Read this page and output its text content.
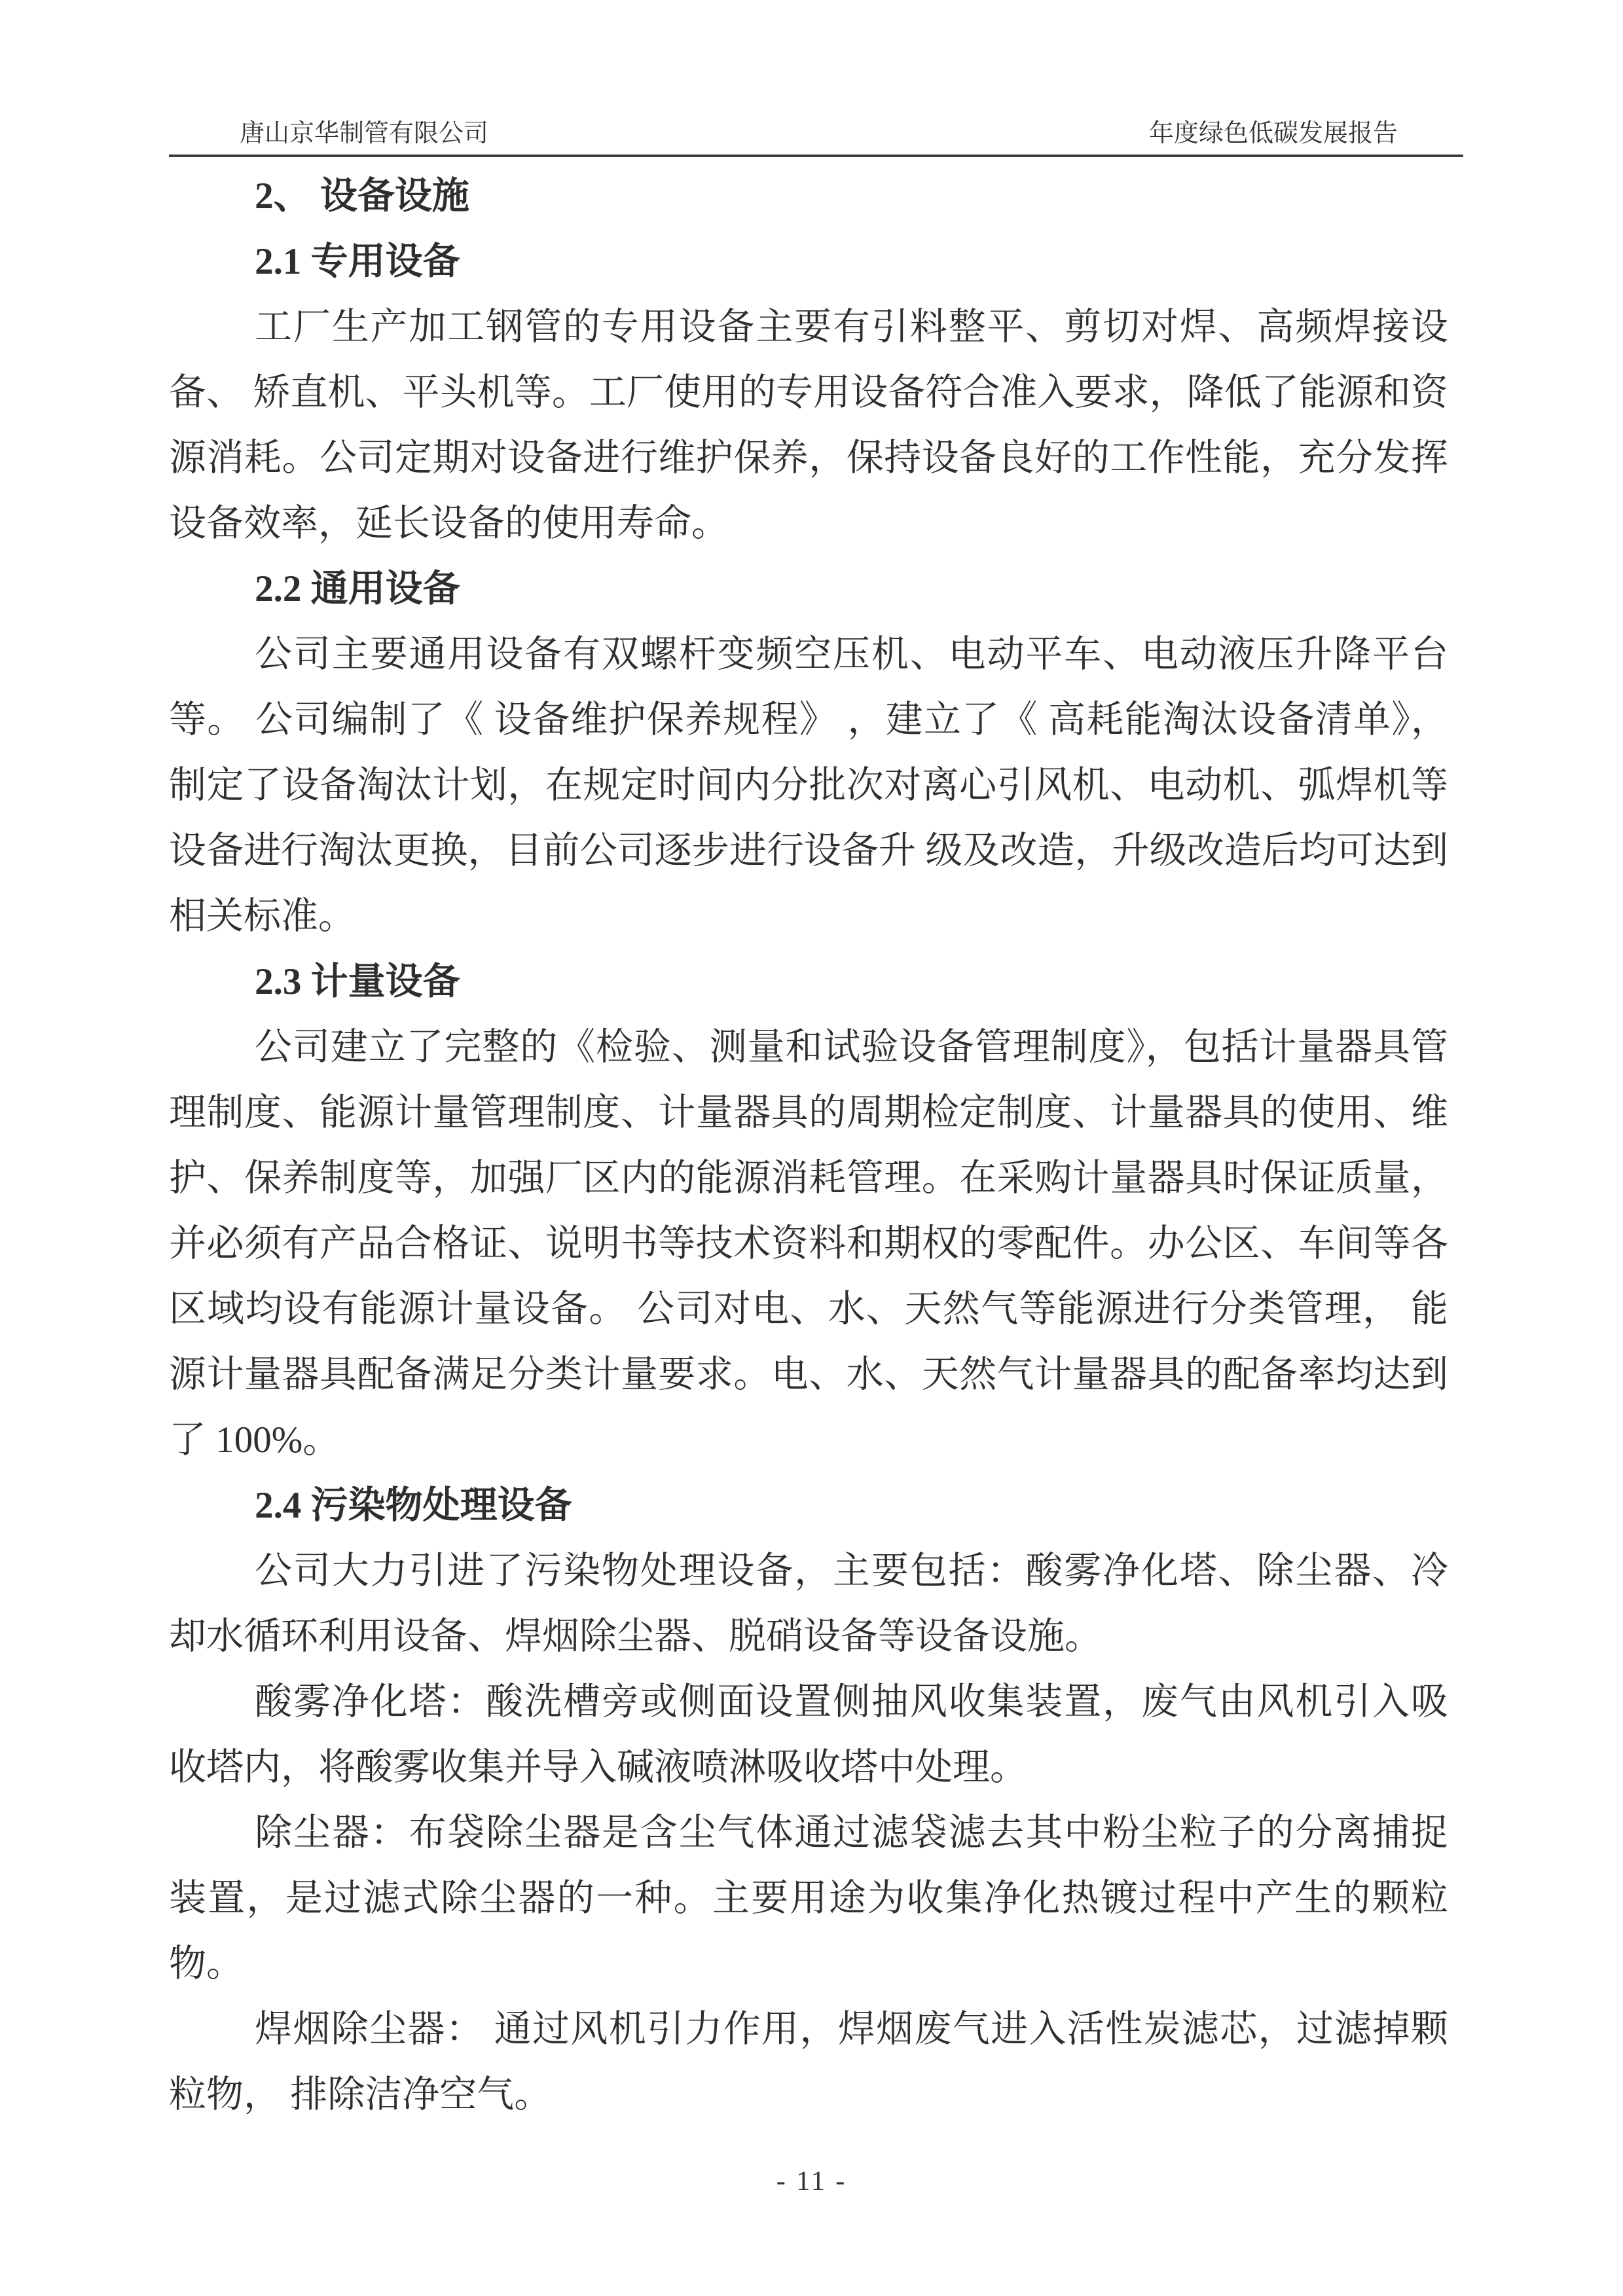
唐山京华制管有限公司	年度绿色低碳发展报告

2、 设备设施

2.1 专用设备

工厂生产加工钢管的专用设备主要有引料整平、剪切对焊、高频焊接设备、 矫直机、平头机等。工厂使用的专用设备符合准入要求，降低了能源和资源消耗。公司定期对设备进行维护保养，保持设备良好的工作性能，充分发挥设备效率，延长设备的使用寿命。

2.2 通用设备

公司主要通用设备有双螺杆变频空压机、电动平车、电动液压升降平台等。 公司编制了《 设备维护保养规程》 ，建立了《 高耗能淘汰设备清单》，制定了设备淘汰计划，在规定时间内分批次对离心引风机、电动机、弧焊机等设备进行淘汰更换，目前公司逐步进行设备升 级及改造，升级改造后均可达到相关标准。

2.3 计量设备

公司建立了完整的《检验、测量和试验设备管理制度》，包括计量器具管理制度、能源计量管理制度、计量器具的周期检定制度、计量器具的使用、维护、保养制度等，加强厂区内的能源消耗管理。在采购计量器具时保证质量，并必须有产品合格证、说明书等技术资料和期权的零配件。办公区、车间等各区域均设有能源计量设备。 公司对电、水、天然气等能源进行分类管理， 能源计量器具配备满足分类计量要求。电、水、天然气计量器具的配备率均达到了 100%。

2.4 污染物处理设备

公司大力引进了污染物处理设备，主要包括：酸雾净化塔、除尘器、冷却水循环利用设备、焊烟除尘器、脱硝设备等设备设施。

酸雾净化塔：酸洗槽旁或侧面设置侧抽风收集装置，废气由风机引入吸收塔内，将酸雾收集并导入碱液喷淋吸收塔中处理。

除尘器：布袋除尘器是含尘气体通过滤袋滤去其中粉尘粒子的分离捕捉装置，是过滤式除尘器的一种。主要用途为收集净化热镀过程中产生的颗粒物。

焊烟除尘器： 通过风机引力作用，焊烟废气进入活性炭滤芯，过滤掉颗粒物， 排除洁净空气。

- 11 -
